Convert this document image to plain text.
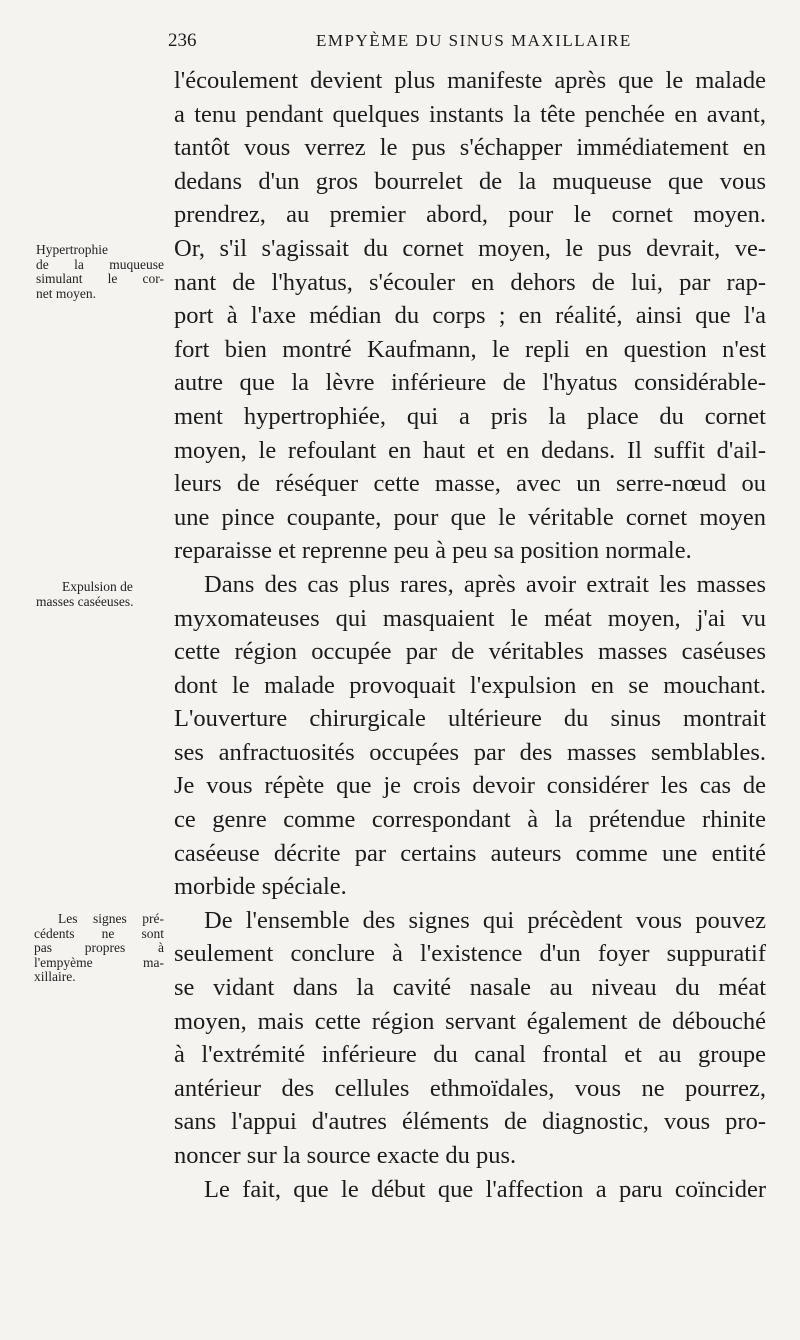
236	EMPYÈME DU SINUS MAXILLAIRE
Hypertrophie
de la muqueuse
simulant le cor-
net moyen.
Expulsion de
masses caséeuses.
Les signes pré-
cédents ne sont
pas propres à
l'empyème ma-
xillaire.
l'écoulement devient plus manifeste après que le malade
a tenu pendant quelques instants la tête penchée en avant,
tantôt vous verrez le pus s'échapper immédiatement en
dedans d'un gros bourrelet de la muqueuse que vous
prendrez, au premier abord, pour le cornet moyen.
Or, s'il s'agissait du cornet moyen, le pus devrait, ve-
nant de l'hyatus, s'écouler en dehors de lui, par rap-
port à l'axe médian du corps ; en réalité, ainsi que l'a
fort bien montré Kaufmann, le repli en question n'est
autre que la lèvre inférieure de l'hyatus considérable-
ment hypertrophiée, qui a pris la place du cornet
moyen, le refoulant en haut et en dedans. Il suffit d'ail-
leurs de réséquer cette masse, avec un serre-nœud ou
une pince coupante, pour que le véritable cornet moyen
reparaisse et reprenne peu à peu sa position normale.
Dans des cas plus rares, après avoir extrait les masses
myxomateuses qui masquaient le méat moyen, j'ai vu
cette région occupée par de véritables masses caséuses
dont le malade provoquait l'expulsion en se mouchant.
L'ouverture chirurgicale ultérieure du sinus montrait
ses anfractuosités occupées par des masses semblables.
Je vous répète que je crois devoir considérer les cas de
ce genre comme correspondant à la prétendue rhinite
caséeuse décrite par certains auteurs comme une entité
morbide spéciale.
De l'ensemble des signes qui précèdent vous pouvez
seulement conclure à l'existence d'un foyer suppuratif
se vidant dans la cavité nasale au niveau du méat
moyen, mais cette région servant également de débouché
à l'extrémité inférieure du canal frontal et au groupe
antérieur des cellules ethmoïdales, vous ne pourrez,
sans l'appui d'autres éléments de diagnostic, vous pro-
noncer sur la source exacte du pus.
Le fait, que le début que l'affection a paru coïncider
